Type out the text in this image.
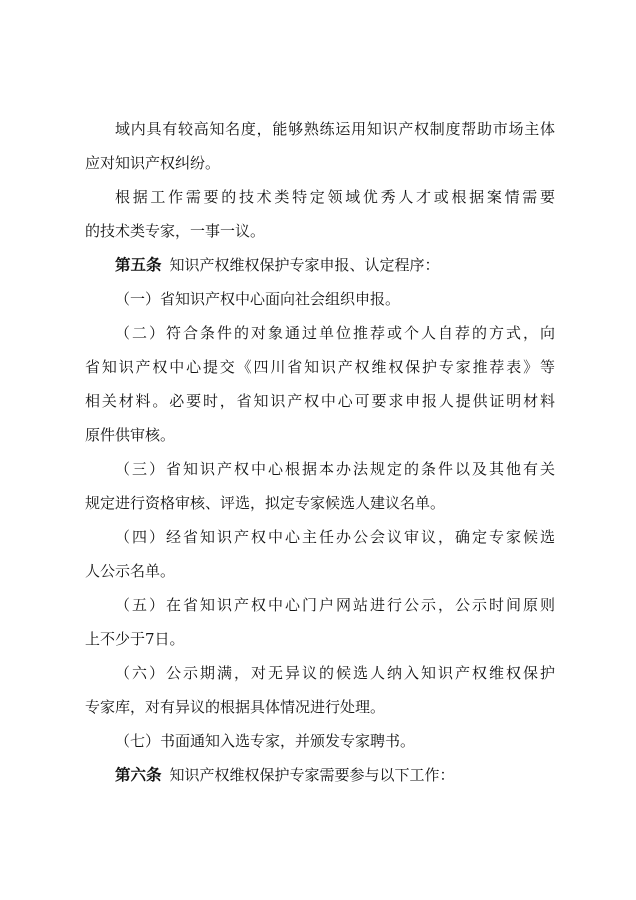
域内具有较高知名度，能够熟练运用知识产权制度帮助市场主体
应对知识产权纠纷。
根据工作需要的技术类特定领域优秀人才或根据案情需要
的技术类专家，一事一议。
第五条 知识产权维权保护专家申报、认定程序：
（一）省知识产权中心面向社会组织申报。
（二）符合条件的对象通过单位推荐或个人自荐的方式，向
省知识产权中心提交《四川省知识产权维权保护专家推荐表》等
相关材料。必要时，省知识产权中心可要求申报人提供证明材料
原件供审核。
（三）省知识产权中心根据本办法规定的条件以及其他有关
规定进行资格审核、评选，拟定专家候选人建议名单。
（四）经省知识产权中心主任办公会议审议，确定专家候选
人公示名单。
（五）在省知识产权中心门户网站进行公示，公示时间原则
上不少于7日。
（六）公示期满，对无异议的候选人纳入知识产权维权保护
专家库，对有异议的根据具体情况进行处理。
（七）书面通知入选专家，并颁发专家聘书。
第六条 知识产权维权保护专家需要参与以下工作：
